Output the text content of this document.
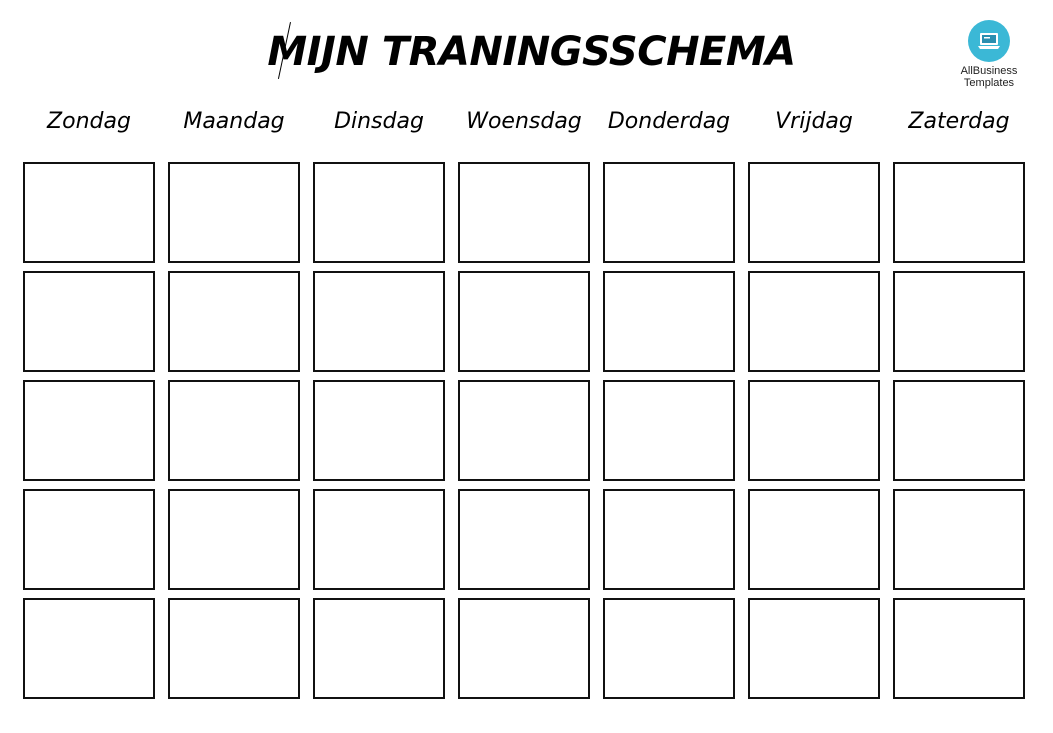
MIJN TRANINGSSCHEMA	AllBusiness
Templates
Zondag	Maandag	Dinsdag	Woensdag	Donderdag	Vrijdag	Zaterdag
